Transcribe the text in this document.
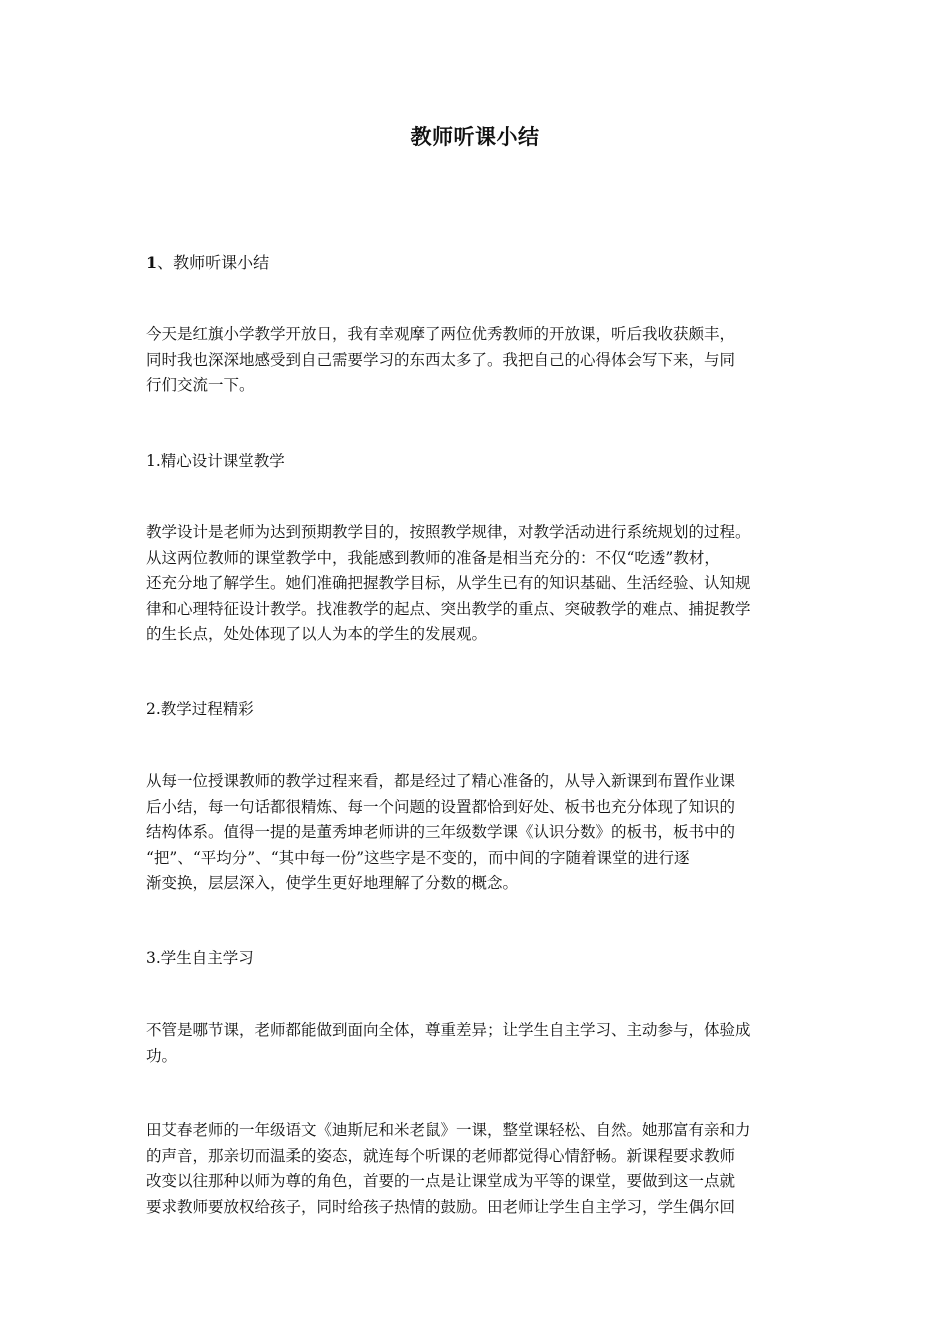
教师听课小结
1、教师听课小结
今天是红旗小学教学开放日，我有幸观摩了两位优秀教师的开放课，听后我收获颇丰，
同时我也深深地感受到自己需要学习的东西太多了。我把自己的心得体会写下来，与同
行们交流一下。
1.精心设计课堂教学
教学设计是老师为达到预期教学目的，按照教学规律，对教学活动进行系统规划的过程。
从这两位教师的课堂教学中，我能感到教师的准备是相当充分的：不仅“吃透”教材，
还充分地了解学生。她们准确把握教学目标，从学生已有的知识基础、生活经验、认知规
律和心理特征设计教学。找准教学的起点、突出教学的重点、突破教学的难点、捕捉教学
的生长点，处处体现了以人为本的学生的发展观。
2.教学过程精彩
从每一位授课教师的教学过程来看，都是经过了精心准备的，从导入新课到布置作业课
后小结，每一句话都很精炼、每一个问题的设置都恰到好处、板书也充分体现了知识的
结构体系。值得一提的是董秀坤老师讲的三年级数学课《认识分数》的板书，板书中的
“把”、“平均分”、“其中每一份”这些字是不变的，而中间的字随着课堂的进行逐
渐变换，层层深入，使学生更好地理解了分数的概念。
3.学生自主学习
不管是哪节课，老师都能做到面向全体，尊重差异；让学生自主学习、主动参与，体验成
功。
田艾春老师的一年级语文《迪斯尼和米老鼠》一课，整堂课轻松、自然。她那富有亲和力
的声音，那亲切而温柔的姿态，就连每个听课的老师都觉得心情舒畅。新课程要求教师
改变以往那种以师为尊的角色，首要的一点是让课堂成为平等的课堂，要做到这一点就
要求教师要放权给孩子，同时给孩子热情的鼓励。田老师让学生自主学习，学生偶尔回
